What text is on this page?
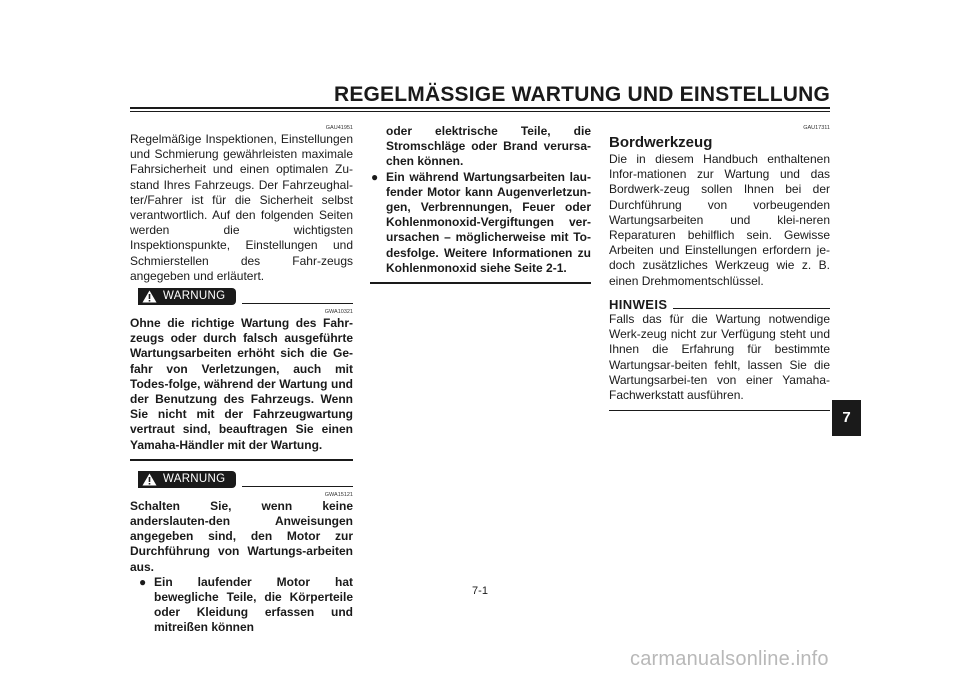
REGELMÄSSIGE WARTUNG UND EINSTELLUNG
GAU41951

Regelmäßige Inspektionen, Einstellungen und Schmierung gewährleisten maximale Fahrsicherheit und einen optimalen Zu-stand Ihres Fahrzeugs. Der Fahrzeughal-ter/Fahrer ist für die Sicherheit selbst verantwortlich. Auf den folgenden Seiten werden die wichtigsten Inspektionspunkte, Einstellungen und Schmierstellen des Fahr-zeugs angegeben und erläutert.

WARNUNG
GWA10321

Ohne die richtige Wartung des Fahr-zeugs oder durch falsch ausgeführte Wartungsarbeiten erhöht sich die Ge-fahr von Verletzungen, auch mit Todes-folge, während der Wartung und der Benutzung des Fahrzeugs. Wenn Sie nicht mit der Fahrzeugwartung vertraut sind, beauftragen Sie einen Yamaha-Händler mit der Wartung.

WARNUNG
GWA15121

Schalten Sie, wenn keine anderslauten-den Anweisungen angegeben sind, den Motor zur Durchführung von Wartungs-arbeiten aus.

● Ein laufender Motor hat bewegliche Teile, die Körperteile oder Kleidung erfassen und mitreißen können
oder elektrische Teile, die Stromschläge oder Brand verursa-chen können.
● Ein während Wartungsarbeiten lau-fender Motor kann Augenverletzun-gen, Verbrennungen, Feuer oder Kohlenmonoxid-Vergiftungen ver-ursachen – möglicherweise mit To-desfolge. Weitere Informationen zu Kohlenmonoxid siehe Seite 2-1.
GAU17311
Bordwerkzeug

Die in diesem Handbuch enthaltenen Infor-mationen zur Wartung und das Bordwerk-zeug sollen Ihnen bei der Durchführung von vorbeugenden Wartungsarbeiten und klei-neren Reparaturen behilflich sein. Gewisse Arbeiten und Einstellungen erfordern je-doch zusätzliches Werkzeug wie z. B. einen Drehmomentschlüssel.

HINWEIS

Falls das für die Wartung notwendige Werk-zeug nicht zur Verfügung steht und Ihnen die Erfahrung für bestimmte Wartungsar-beiten fehlt, lassen Sie die Wartungsarbei-ten von einer Yamaha-Fachwerkstatt ausführen.

7
7-1
carmanualsonline.info
